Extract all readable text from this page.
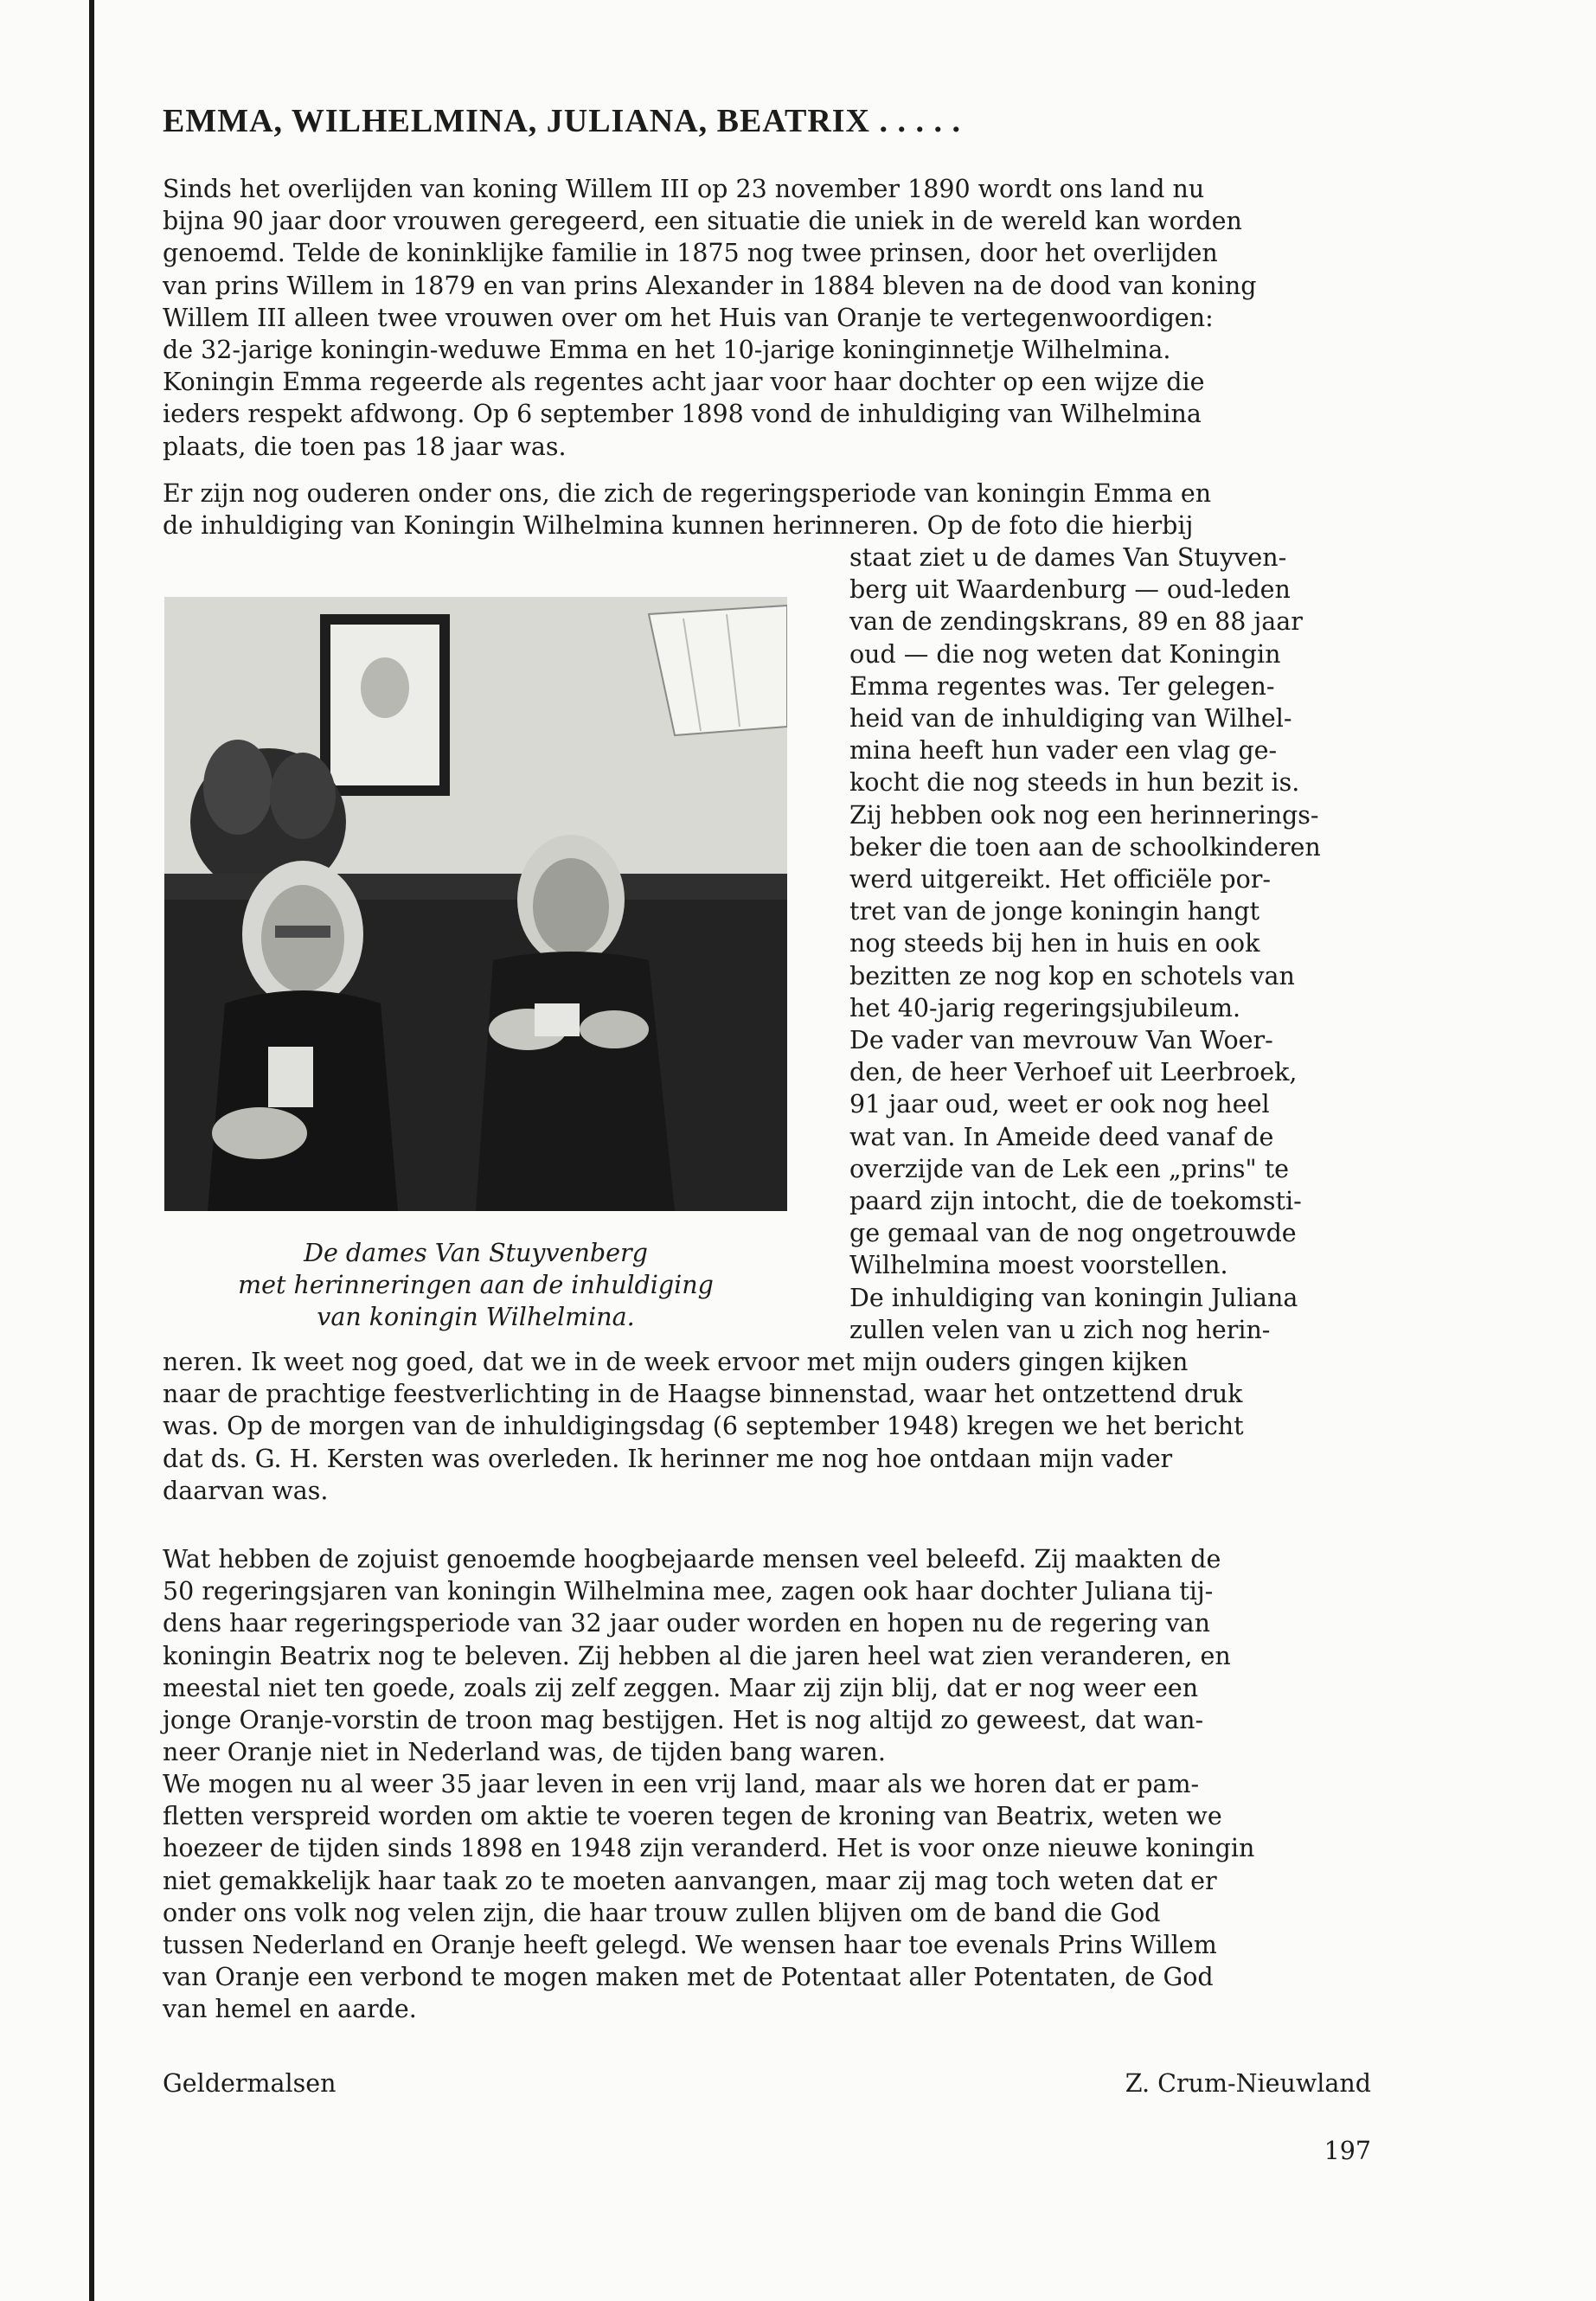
EMMA, WILHELMINA, JULIANA, BEATRIX . . . . .
Sinds het overlijden van koning Willem III op 23 november 1890 wordt ons land nu
bijna 90 jaar door vrouwen geregeerd, een situatie die uniek in de wereld kan worden
genoemd. Telde de koninklijke familie in 1875 nog twee prinsen, door het overlijden
van prins Willem in 1879 en van prins Alexander in 1884 bleven na de dood van koning
Willem III alleen twee vrouwen over om het Huis van Oranje te vertegenwoordigen:
de 32-jarige koningin-weduwe Emma en het 10-jarige koninginnetje Wilhelmina.
Koningin Emma regeerde als regentes acht jaar voor haar dochter op een wijze die
ieders respekt afdwong. Op 6 september 1898 vond de inhuldiging van Wilhelmina
plaats, die toen pas 18 jaar was.
Er zijn nog ouderen onder ons, die zich de regeringsperiode van koningin Emma en
de inhuldiging van Koningin Wilhelmina kunnen herinneren. Op de foto die hierbij
staat ziet u de dames Van Stuyven-
berg uit Waardenburg — oud-leden
van de zendingskrans, 89 en 88 jaar
oud — die nog weten dat Koningin
Emma regentes was. Ter gelegen-
heid van de inhuldiging van Wilhel-
mina heeft hun vader een vlag ge-
kocht die nog steeds in hun bezit is.
Zij hebben ook nog een herinnerings-
beker die toen aan de schoolkinderen
werd uitgereikt. Het officiële por-
tret van de jonge koningin hangt
nog steeds bij hen in huis en ook
bezitten ze nog kop en schotels van
het 40-jarig regeringsjubileum.
De vader van mevrouw Van Woer-
den, de heer Verhoef uit Leerbroek,
91 jaar oud, weet er ook nog heel
wat van. In Ameide deed vanaf de
overzijde van de Lek een „prins" te
paard zijn intocht, die de toekomsti-
ge gemaal van de nog ongetrouwde
Wilhelmina moest voorstellen.
De inhuldiging van koningin Juliana
zullen velen van u zich nog herin-
De dames Van Stuyvenberg
met herinneringen aan de inhuldiging
van koningin Wilhelmina.
neren. Ik weet nog goed, dat we in de week ervoor met mijn ouders gingen kijken
naar de prachtige feestverlichting in de Haagse binnenstad, waar het ontzettend druk
was. Op de morgen van de inhuldigingsdag (6 september 1948) kregen we het bericht
dat ds. G. H. Kersten was overleden. Ik herinner me nog hoe ontdaan mijn vader
daarvan was.
Wat hebben de zojuist genoemde hoogbejaarde mensen veel beleefd. Zij maakten de
50 regeringsjaren van koningin Wilhelmina mee, zagen ook haar dochter Juliana tij-
dens haar regeringsperiode van 32 jaar ouder worden en hopen nu de regering van
koningin Beatrix nog te beleven. Zij hebben al die jaren heel wat zien veranderen, en
meestal niet ten goede, zoals zij zelf zeggen. Maar zij zijn blij, dat er nog weer een
jonge Oranje-vorstin de troon mag bestijgen. Het is nog altijd zo geweest, dat wan-
neer Oranje niet in Nederland was, de tijden bang waren.
We mogen nu al weer 35 jaar leven in een vrij land, maar als we horen dat er pam-
fletten verspreid worden om aktie te voeren tegen de kroning van Beatrix, weten we
hoezeer de tijden sinds 1898 en 1948 zijn veranderd. Het is voor onze nieuwe koningin
niet gemakkelijk haar taak zo te moeten aanvangen, maar zij mag toch weten dat er
onder ons volk nog velen zijn, die haar trouw zullen blijven om de band die God
tussen Nederland en Oranje heeft gelegd. We wensen haar toe evenals Prins Willem
van Oranje een verbond te mogen maken met de Potentaat aller Potentaten, de God
van hemel en aarde.
Geldermalsen	Z. Crum-Nieuwland
197
